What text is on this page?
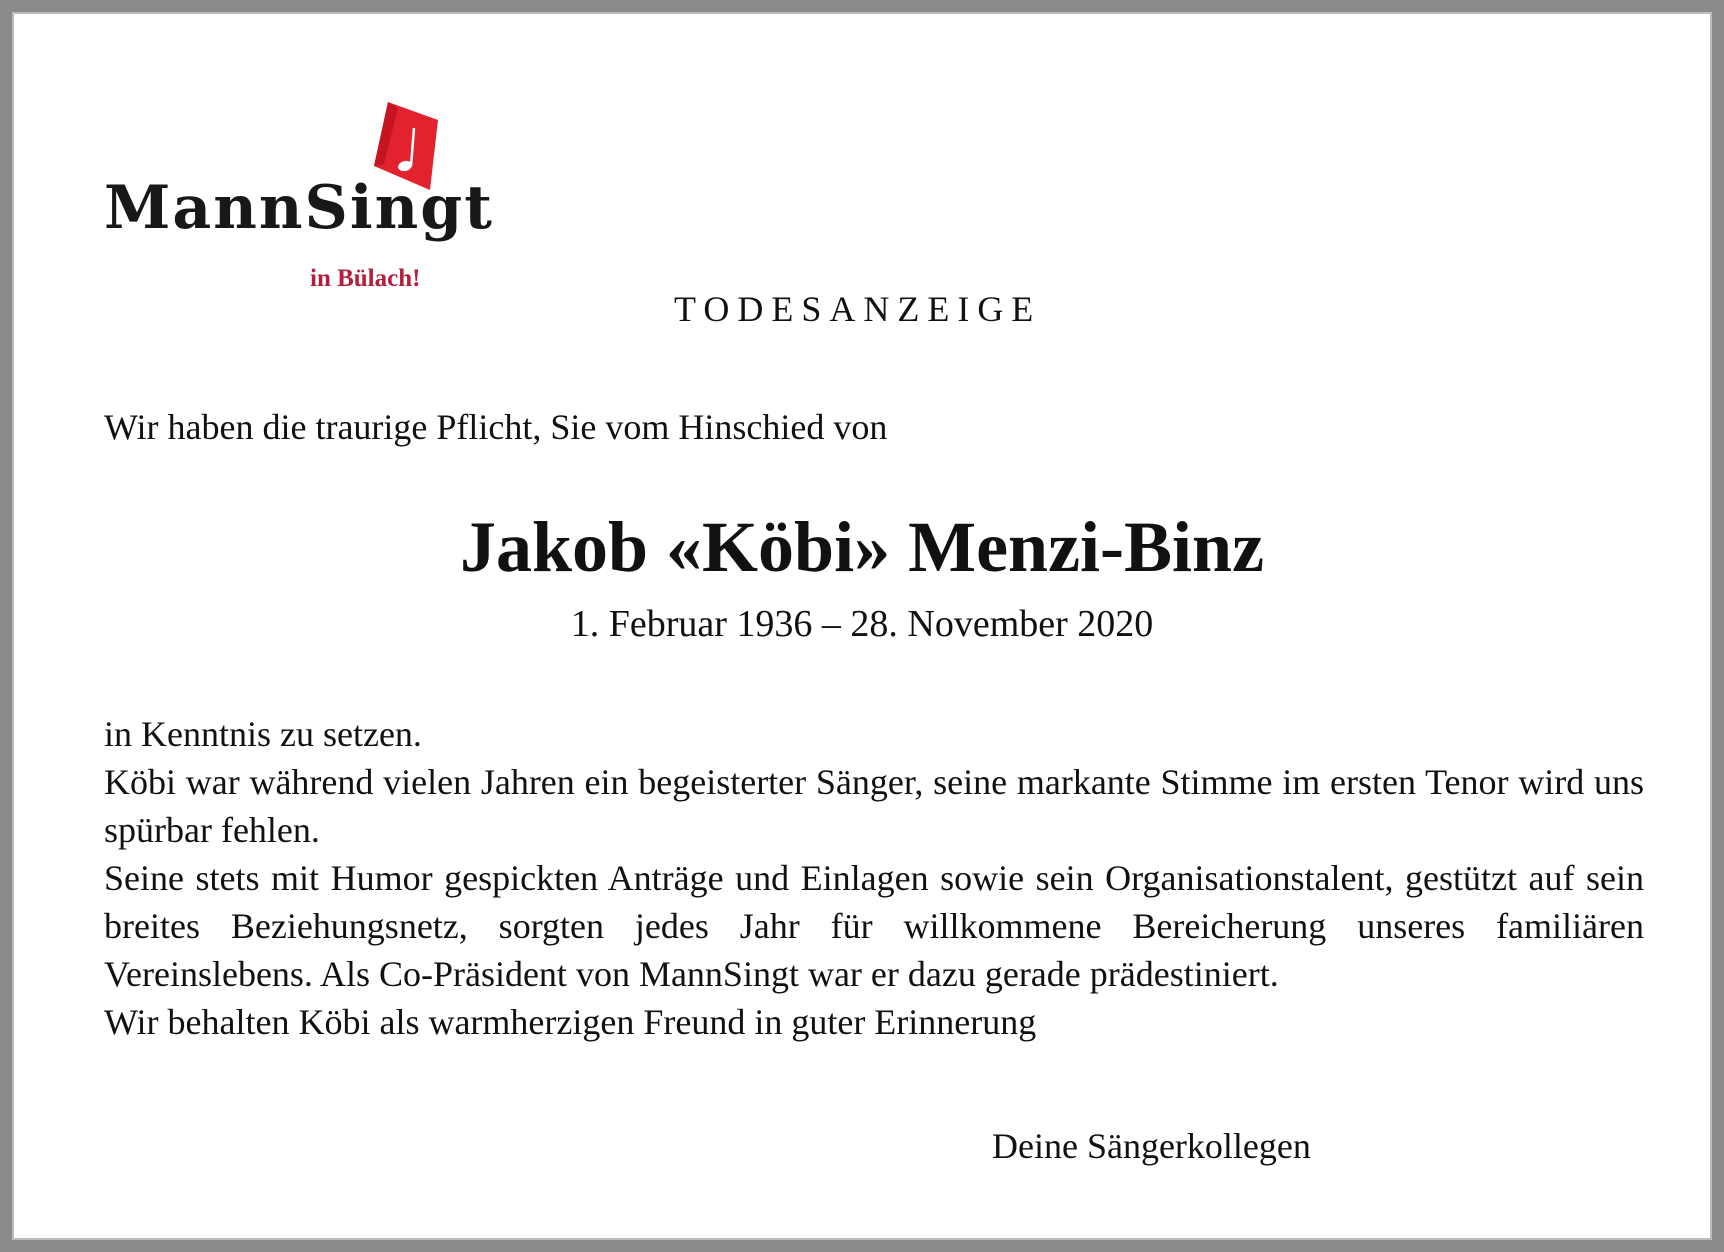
MannSingt
in Bülach!
TODESANZEIGE
Wir haben die traurige Pflicht, Sie vom Hinschied von
Jakob «Köbi» Menzi-Binz
1. Februar 1936 – 28. November 2020

in Kenntnis zu setzen.

Köbi war während vielen Jahren ein begeisterter Sänger, seine markante Stimme im ersten Tenor wird uns spürbar fehlen.

Seine stets mit Humor gespickten Anträge und Einlagen sowie sein Organisationstalent, gestützt auf sein breites Beziehungsnetz, sorgten jedes Jahr für willkommene Bereicherung unseres familiären Vereinslebens. Als Co-Präsident von MannSingt war er dazu gerade prädestiniert.

Wir behalten Köbi als warmherzigen Freund in guter Erinnerung

Deine Sängerkollegen
